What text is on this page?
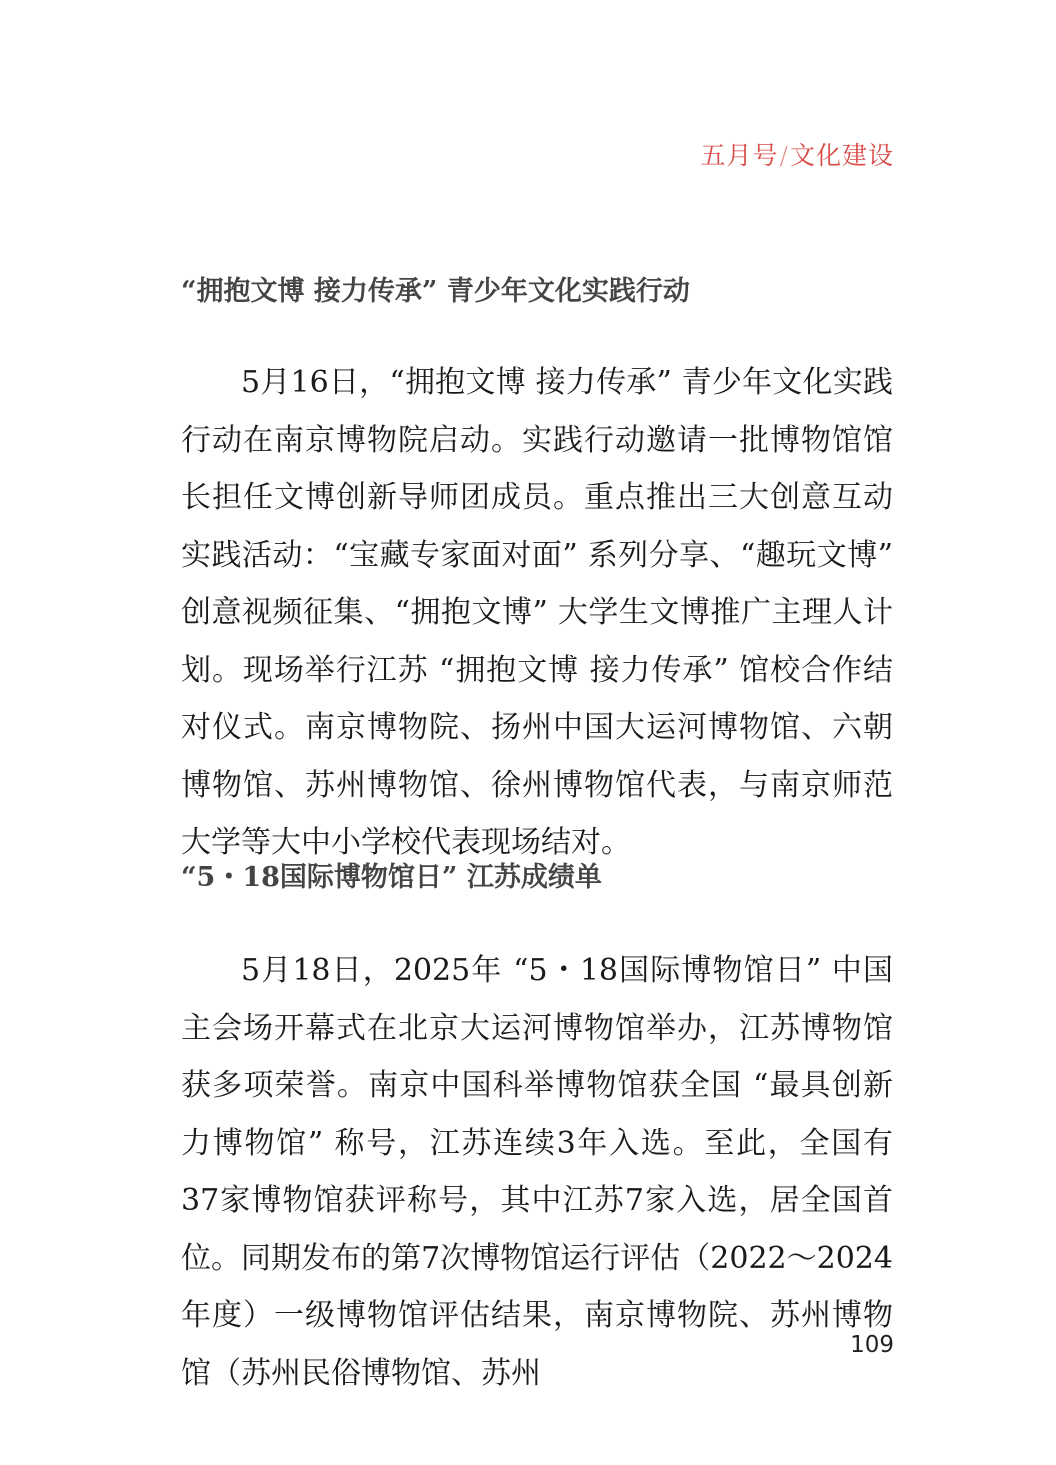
五月号/文化建设
“拥抱文博 接力传承” 青少年文化实践行动

5月16日，“拥抱文博 接力传承” 青少年文化实践行动在南京博物院启动。实践行动邀请一批博物馆馆长担任文博创新导师团成员。重点推出三大创意互动实践活动：“宝藏专家面对面” 系列分享、“趣玩文博” 创意视频征集、“拥抱文博” 大学生文博推广主理人计划。现场举行江苏 “拥抱文博 接力传承” 馆校合作结对仪式。南京博物院、扬州中国大运河博物馆、六朝博物馆、苏州博物馆、徐州博物馆代表，与南京师范大学等大中小学校代表现场结对。

“5・18国际博物馆日” 江苏成绩单

5月18日，2025年 “5・18国际博物馆日” 中国主会场开幕式在北京大运河博物馆举办，江苏博物馆获多项荣誉。南京中国科举博物馆获全国 “最具创新力博物馆” 称号，江苏连续3年入选。至此，全国有37家博物馆获评称号，其中江苏7家入选，居全国首位。同期发布的第7次博物馆运行评估（2022～2024年度）一级博物馆评估结果，南京博物院、苏州博物馆（苏州民俗博物馆、苏州

109
